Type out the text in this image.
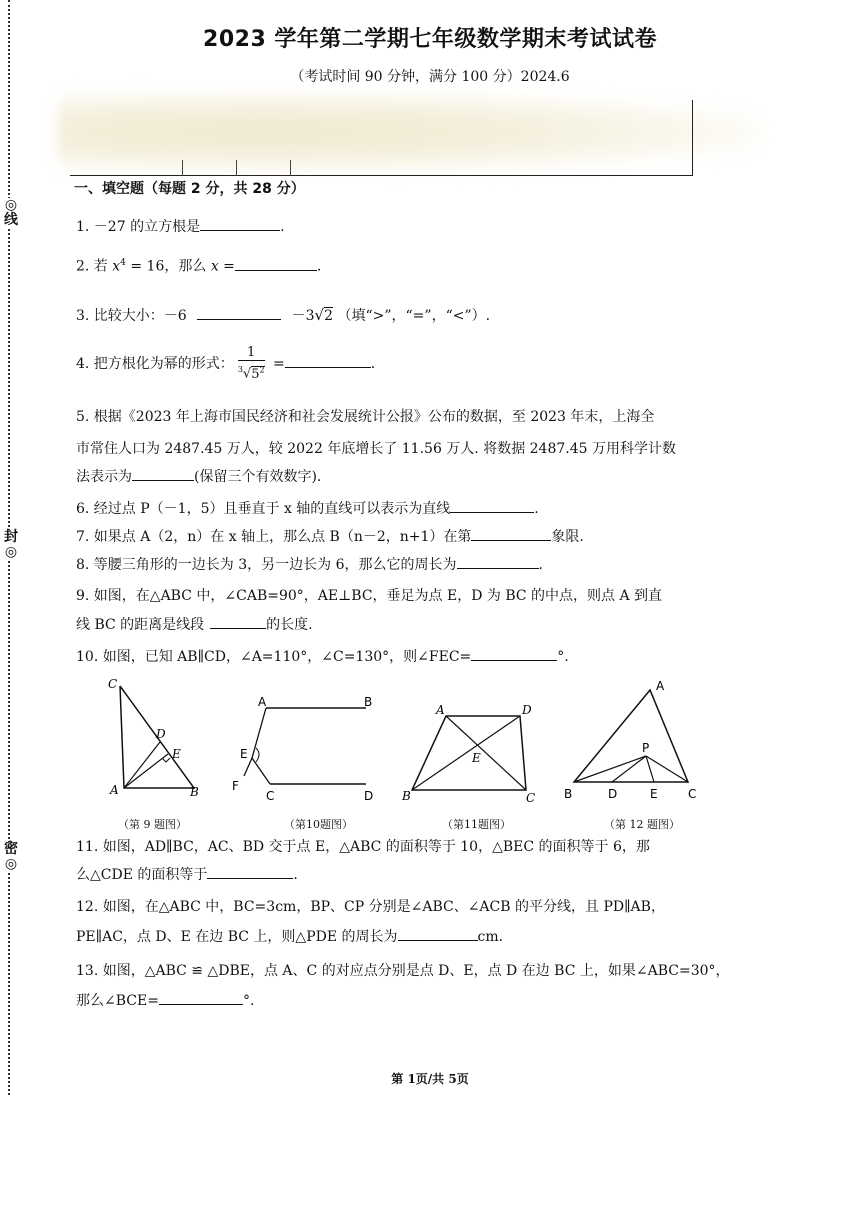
◎线
封◎
密◎
2023 学年第二学期七年级数学期末考试试卷
（考试时间 90 分钟，满分 100 分）2024.6
一、填空题（每题 2 分，共 28 分）
1. －27 的立方根是	.
2. 若 $x^4 = 16$，那么 x =	.
3. 比较大小：－6	－3√2 （填“>”，“=”，“<”）.
4. 把方根化为幂的形式： $\frac{1}{^3√5^2}$ =	.
5. 根据《2023 年上海市国民经济和社会发展统计公报》公布的数据，至 2023 年末，上海全
市常住人口为 2487.45 万人，较 2022 年底增长了 11.56 万人. 将数据 2487.45 万用科学计数
法表示为	(保留三个有效数字).
6. 经过点 P（－1，5）且垂直于 x 轴的直线可以表示为直线	.
7. 如果点 A（2，n）在 x 轴上，那么点 B（n－2，n+1）在第	象限.
8. 等腰三角形的一边长为 3，另一边长为 6，那么它的周长为	.
9. 如图，在△ABC 中，∠CAB=90°，AE⊥BC，垂足为点 E，D 为 BC 的中点，则点 A 到直
线 BC 的距离是线段	的长度.
10. 如图，已知 AB∥CD，∠A=110°，∠C=130°，则∠FEC=	°.
C
D
E
A	B
（第 9 题图）
A	B
E
F
C	D
（第10题图）
A	D
E
B	C
（第11题图）
A
P
B	D	E	C
（第 12 题图）
11. 如图，AD∥BC，AC、BD 交于点 E，△ABC 的面积等于 10，△BEC 的面积等于 6，那
么△CDE 的面积等于	.
12. 如图，在△ABC 中，BC=3cm，BP、CP 分别是∠ABC、∠ACB 的平分线，且 PD∥AB，
PE∥AC，点 D、E 在边 BC 上，则△PDE 的周长为	cm.
13. 如图，△ABC ≌ △DBE，点 A、C 的对应点分别是点 D、E，点 D 在边 BC 上，如果∠ABC=30°，
那么∠BCE=	°.
第 1页/共 5页
